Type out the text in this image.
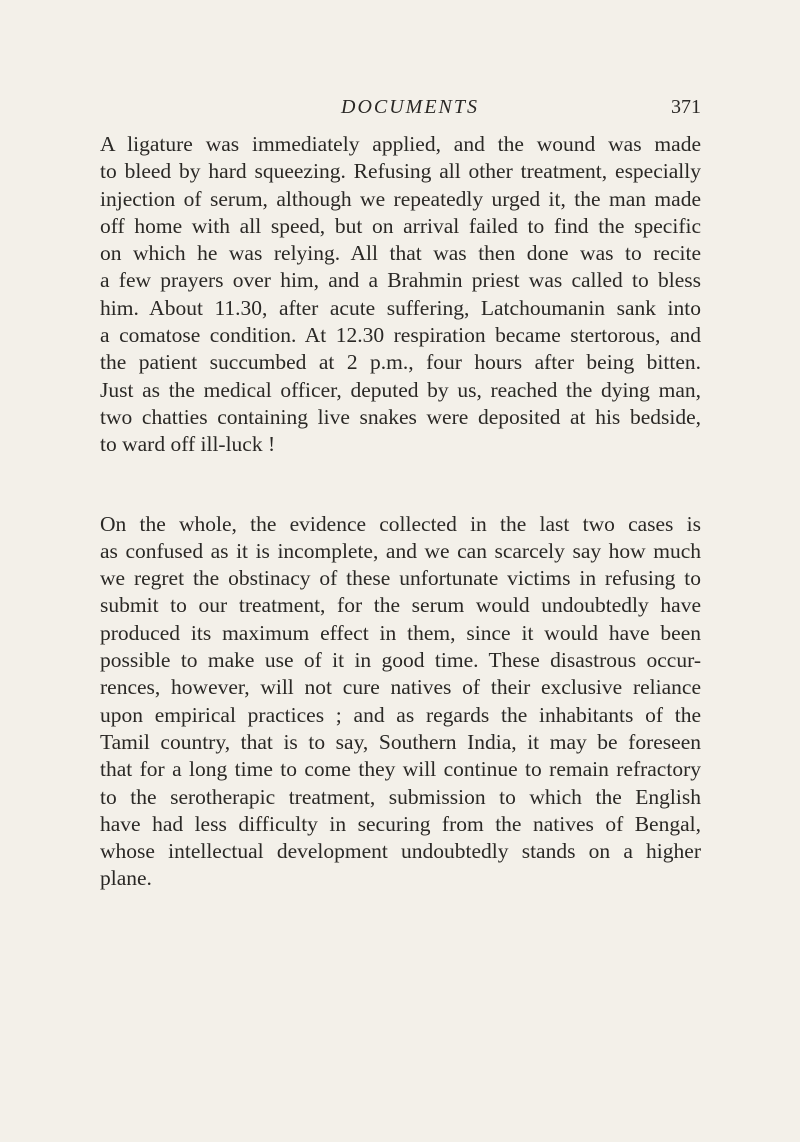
DOCUMENTS	371

A ligature was immediately applied, and the wound was made
to bleed by hard squeezing. Refusing all other treatment, especially
injection of serum, although we repeatedly urged it, the man made
off home with all speed, but on arrival failed to find the specific
on which he was relying. All that was then done was to recite
a few prayers over him, and a Brahmin priest was called to bless
him. About 11.30, after acute suffering, Latchoumanin sank into
a comatose condition. At 12.30 respiration became stertorous, and
the patient succumbed at 2 p.m., four hours after being bitten.
Just as the medical officer, deputed by us, reached the dying man,
two chatties containing live snakes were deposited at his bedside,
to ward off ill-luck !

On the whole, the evidence collected in the last two cases is
as confused as it is incomplete, and we can scarcely say how much
we regret the obstinacy of these unfortunate victims in refusing to
submit to our treatment, for the serum would undoubtedly have
produced its maximum effect in them, since it would have been
possible to make use of it in good time. These disastrous occur-
rences, however, will not cure natives of their exclusive reliance
upon empirical practices ; and as regards the inhabitants of the
Tamil country, that is to say, Southern India, it may be foreseen
that for a long time to come they will continue to remain refractory
to the serotherapic treatment, submission to which the English
have had less difficulty in securing from the natives of Bengal,
whose intellectual development undoubtedly stands on a higher
plane.
